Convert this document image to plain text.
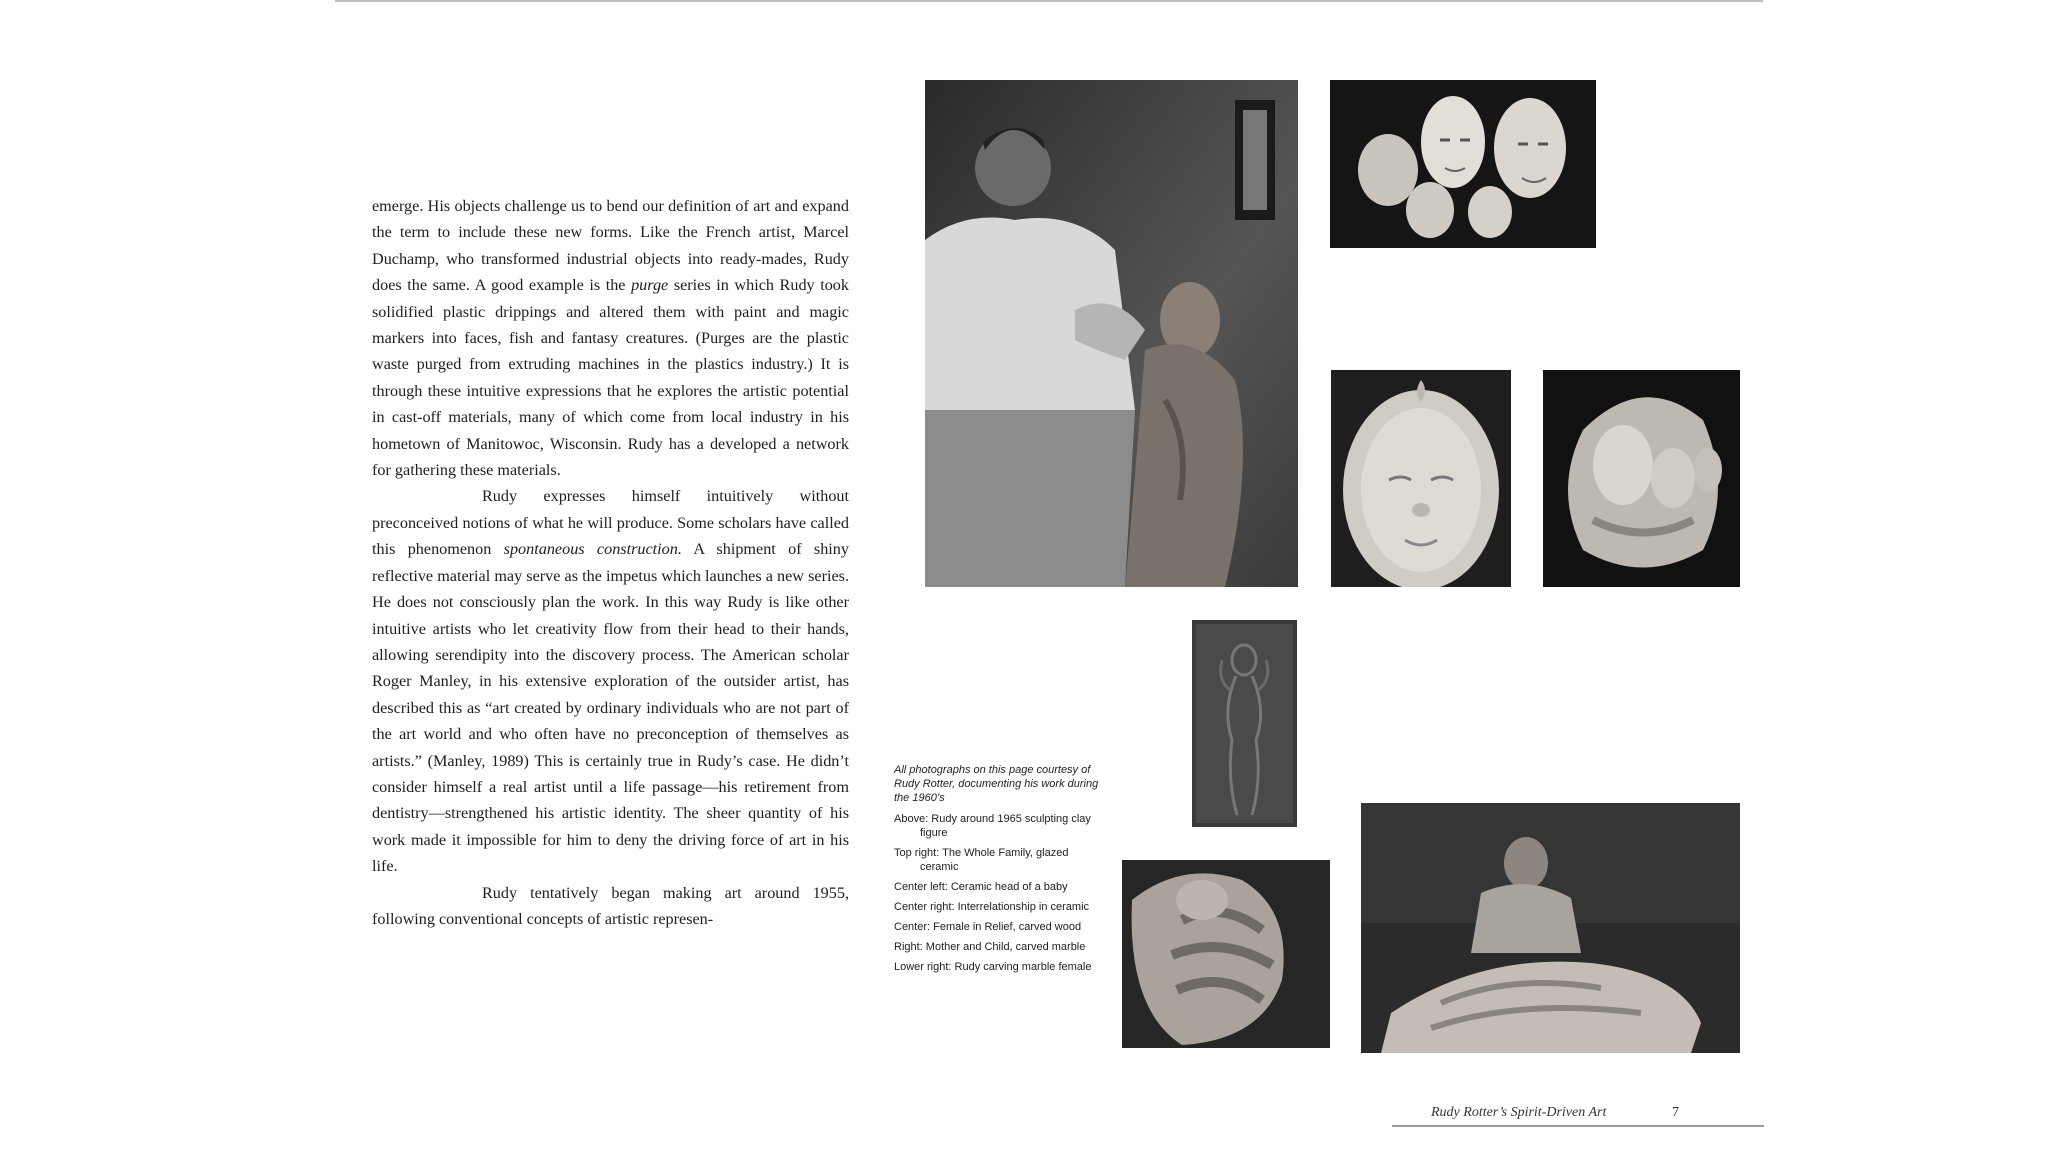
emerge. His objects challenge us to bend our definition of art and expand the term to include these new forms. Like the French artist, Marcel Duchamp, who transformed industrial objects into ready-mades, Rudy does the same. A good example is the purge series in which Rudy took solidified plastic drippings and altered them with paint and magic markers into faces, fish and fantasy creatures. (Purges are the plastic waste purged from extruding machines in the plastics industry.) It is through these intuitive expressions that he explores the artistic potential in cast-off materials, many of which come from local industry in his hometown of Manitowoc, Wisconsin. Rudy has a developed a network for gathering these materials.

Rudy expresses himself intuitively without preconceived notions of what he will produce. Some scholars have called this phenomenon spontaneous construction. A shipment of shiny reflective material may serve as the impetus which launches a new series. He does not consciously plan the work. In this way Rudy is like other intuitive artists who let creativity flow from their head to their hands, allowing serendipity into the discovery process. The American scholar Roger Manley, in his extensive exploration of the outsider artist, has described this as “art created by ordinary individuals who are not part of the art world and who often have no preconception of themselves as artists.” (Manley, 1989) This is certainly true in Rudy’s case. He didn’t consider himself a real artist until a life passage—his retirement from dentistry—strengthened his artistic identity. The sheer quantity of his work made it impossible for him to deny the driving force of art in his life.

Rudy tentatively began making art around 1955, following conventional concepts of artistic represen-

All photographs on this page courtesy of Rudy Rotter, documenting his work during the 1960’s
Above: Rudy around 1965 sculpting clay figure
Top right: The Whole Family, glazed ceramic
Center left: Ceramic head of a baby
Center right: Interrelationship in ceramic
Center: Female in Relief, carved wood
Right: Mother and Child, carved marble
Lower right: Rudy carving marble female
Rudy Rotter’s Spirit-Driven Art	7
